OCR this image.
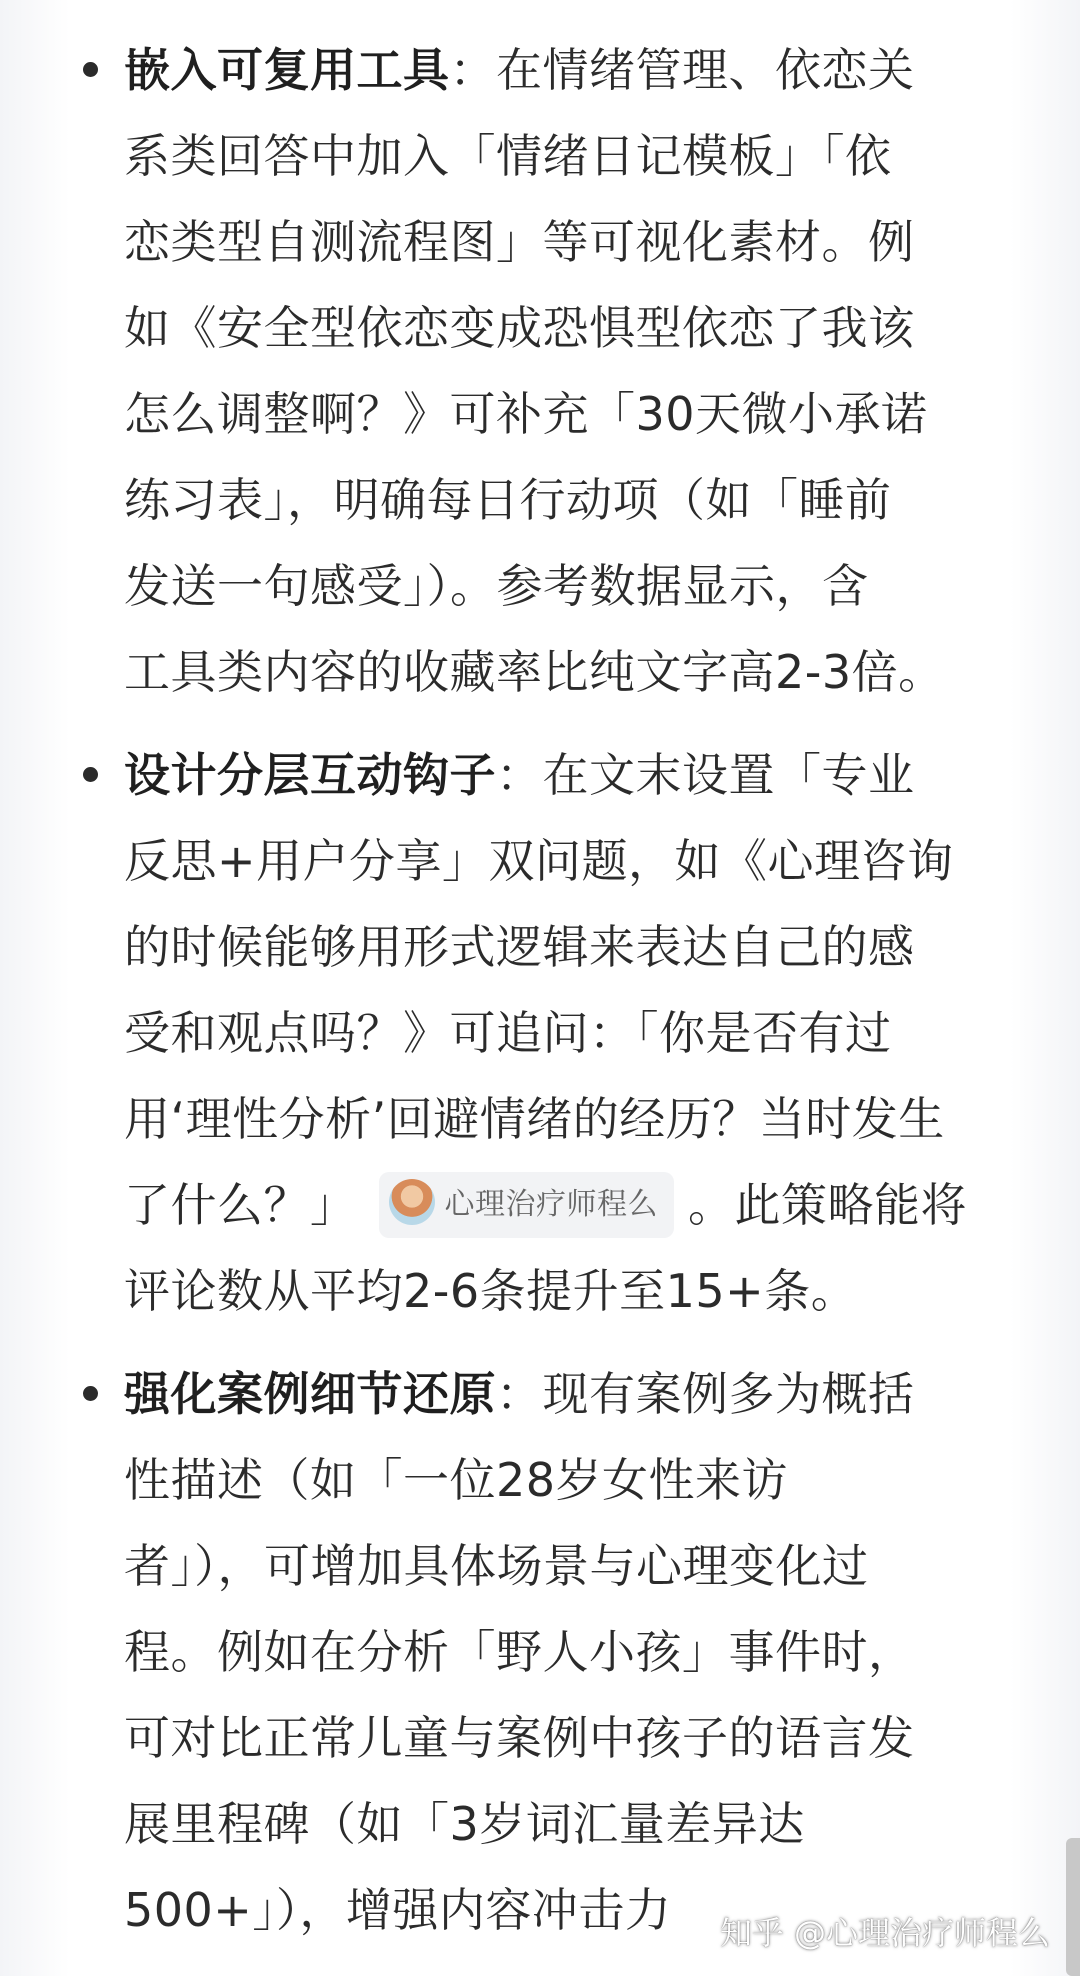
嵌入可复用工具：在情绪管理、依恋关
系类回答中加入「情绪日记模板」「依
恋类型自测流程图」等可视化素材。例
如《安全型依恋变成恐惧型依恋了我该
怎么调整啊？》可补充「30天微小承诺
练习表」，明确每日行动项（如「睡前
发送一句感受」）。参考数据显示，含
工具类内容的收藏率比纯文字高2-3倍。
设计分层互动钩子：在文末设置「专业
反思+用户分享」双问题，如《心理咨询
的时候能够用形式逻辑来表达自己的感
受和观点吗？》可追问：「你是否有过
用‘理性分析’回避情绪的经历？当时发生
了什么？」	心理治疗师程么 。此策略能将
评论数从平均2-6条提升至15+条。
强化案例细节还原：现有案例多为概括
性描述（如「一位28岁女性来访
者」），可增加具体场景与心理变化过
程。例如在分析「野人小孩」事件时，
可对比正常儿童与案例中孩子的语言发
展里程碑（如「3岁词汇量差异达
500+」），增强内容冲击力 知乎 @心理治疗师程么
